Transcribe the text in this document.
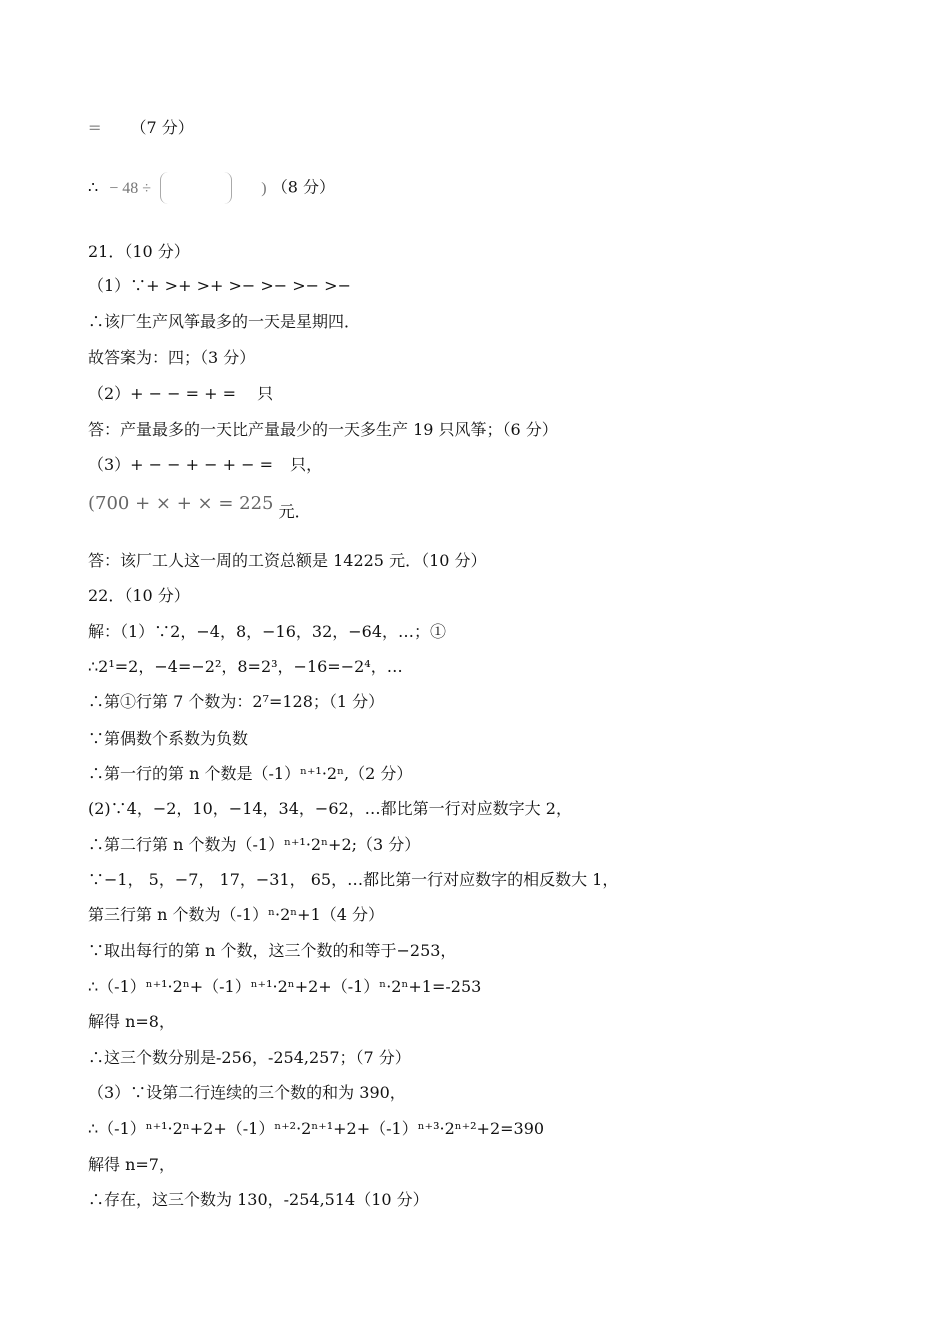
= （7 分）
∴ − 48 ÷	) （8 分）
21．（10 分）
（1）∵+ >+ >+ >− >− >− >−
∴该厂生产风筝最多的一天是星期四．
故答案为：四；（3 分）
（2）+ − − = + = 只
答：产量最多的一天比产量最少的一天多生产 19 只风筝；（6 分）
（3）+ − − + − + − = 只，
(700 + × + × = 225 元．
答：该厂工人这一周的工资总额是 14225 元．（10 分）
22．（10 分）
解：（1）∵2，−4，8，−16，32，−64，…；①
∴2¹=2，−4=−2²，8=2³，−16=−2⁴，…
∴第①行第 7 个数为：2⁷=128；（1 分）
∵第偶数个系数为负数
∴第一行的第 n 个数是（-1）ⁿ⁺¹·2ⁿ,（2 分）
(2)∵4，−2，10，−14，34，−62，…都比第一行对应数字大 2，
∴第二行第 n 个数为（-1）ⁿ⁺¹·2ⁿ+2;（3 分）
∵−1， 5，−7， 17，−31， 65，…都比第一行对应数字的相反数大 1，
第三行第 n 个数为（-1）ⁿ·2ⁿ+1（4 分）
∵取出每行的第 n 个数，这三个数的和等于−253，
∴（-1）ⁿ⁺¹·2ⁿ+（-1）ⁿ⁺¹·2ⁿ+2+（-1）ⁿ·2ⁿ+1=-253
解得 n=8，
∴这三个数分别是-256，-254,257；（7 分）
（3）∵设第二行连续的三个数的和为 390，
∴（-1）ⁿ⁺¹·2ⁿ+2+（-1）ⁿ⁺²·2ⁿ⁺¹+2+（-1）ⁿ⁺³·2ⁿ⁺²+2=390
解得 n=7，
∴存在，这三个数为 130，-254,514（10 分）
